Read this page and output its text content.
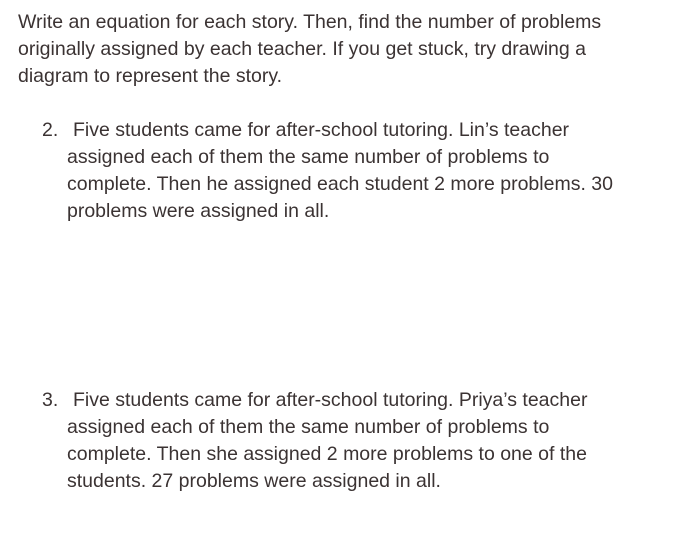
Write an equation for each story. Then, find the number of problems
originally assigned by each teacher. If you get stuck, try drawing a
diagram to represent the story.
2. Five students came for after-school tutoring. Lin’s teacher
assigned each of them the same number of problems to
complete. Then he assigned each student 2 more problems. 30
problems were assigned in all.
3. Five students came for after-school tutoring. Priya’s teacher
assigned each of them the same number of problems to
complete. Then she assigned 2 more problems to one of the
students. 27 problems were assigned in all.
